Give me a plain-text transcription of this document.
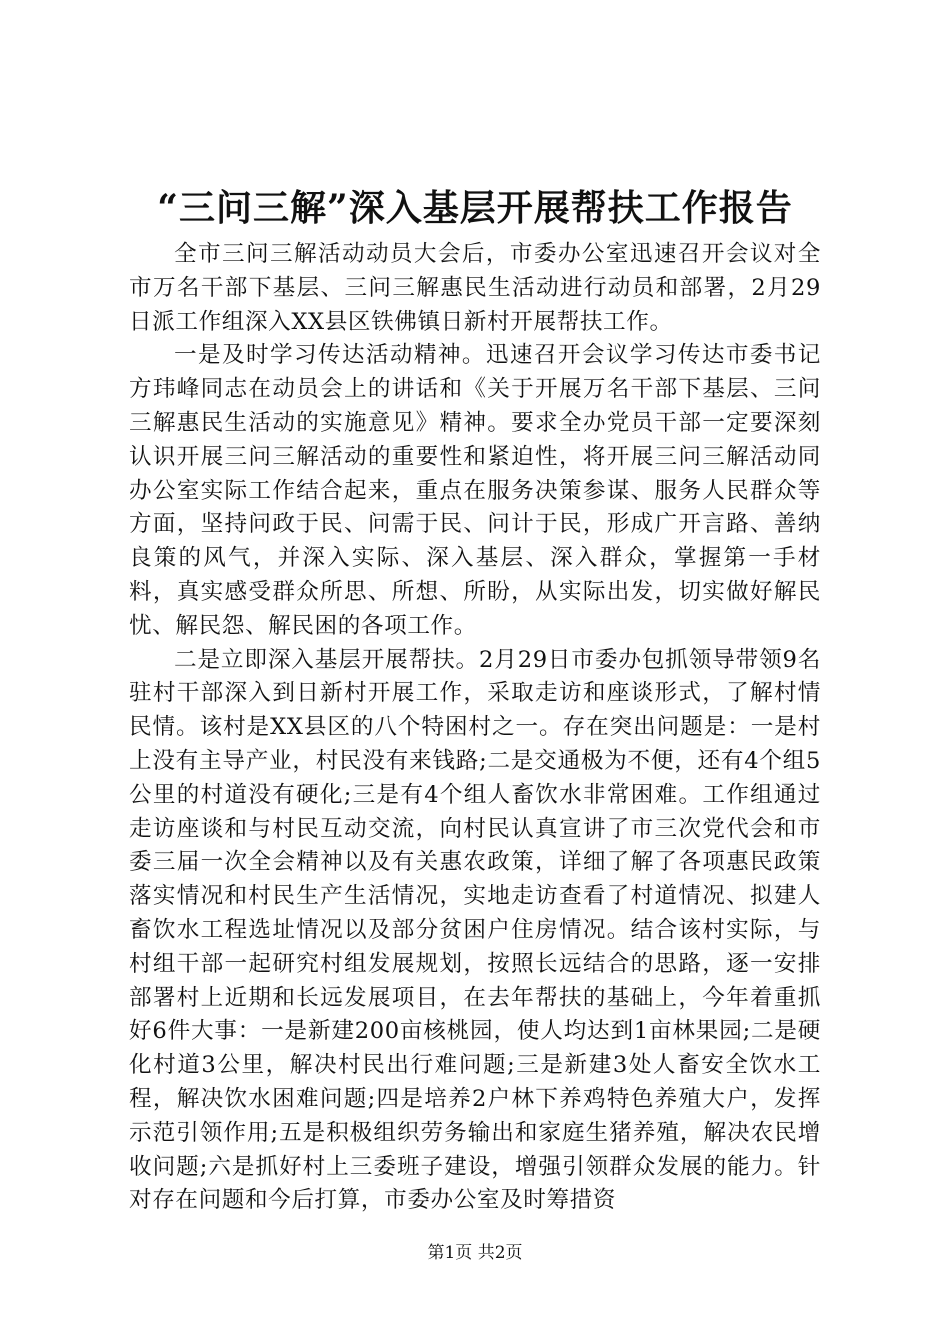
“三问三解”深入基层开展帮扶工作报告

全市三问三解活动动员大会后，市委办公室迅速召开会议对全市万名干部下基层、三问三解惠民生活动进行动员和部署，2月29日派工作组深入XX县区铁佛镇日新村开展帮扶工作。

一是及时学习传达活动精神。迅速召开会议学习传达市委书记方玮峰同志在动员会上的讲话和《关于开展万名干部下基层、三问三解惠民生活动的实施意见》精神。要求全办党员干部一定要深刻认识开展三问三解活动的重要性和紧迫性，将开展三问三解活动同办公室实际工作结合起来，重点在服务决策参谋、服务人民群众等方面，坚持问政于民、问需于民、问计于民，形成广开言路、善纳良策的风气，并深入实际、深入基层、深入群众，掌握第一手材料，真实感受群众所思、所想、所盼，从实际出发，切实做好解民忧、解民怨、解民困的各项工作。

二是立即深入基层开展帮扶。2月29日市委办包抓领导带领9名驻村干部深入到日新村开展工作，采取走访和座谈形式，了解村情民情。该村是XX县区的八个特困村之一。存在突出问题是：一是村上没有主导产业，村民没有来钱路;二是交通极为不便，还有4个组5公里的村道没有硬化;三是有4个组人畜饮水非常困难。工作组通过走访座谈和与村民互动交流，向村民认真宣讲了市三次党代会和市委三届一次全会精神以及有关惠农政策，详细了解了各项惠民政策落实情况和村民生产生活情况，实地走访查看了村道情况、拟建人畜饮水工程选址情况以及部分贫困户住房情况。结合该村实际，与村组干部一起研究村组发展规划，按照长远结合的思路，逐一安排部署村上近期和长远发展项目，在去年帮扶的基础上，今年着重抓好6件大事：一是新建200亩核桃园，使人均达到1亩林果园;二是硬化村道3公里，解决村民出行难问题;三是新建3处人畜安全饮水工程，解决饮水困难问题;四是培养2户林下养鸡特色养殖大户，发挥示范引领作用;五是积极组织劳务输出和家庭生猪养殖，解决农民增收问题;六是抓好村上三委班子建设，增强引领群众发展的能力。针对存在问题和今后打算，市委办公室及时筹措资

第1页 共2页
